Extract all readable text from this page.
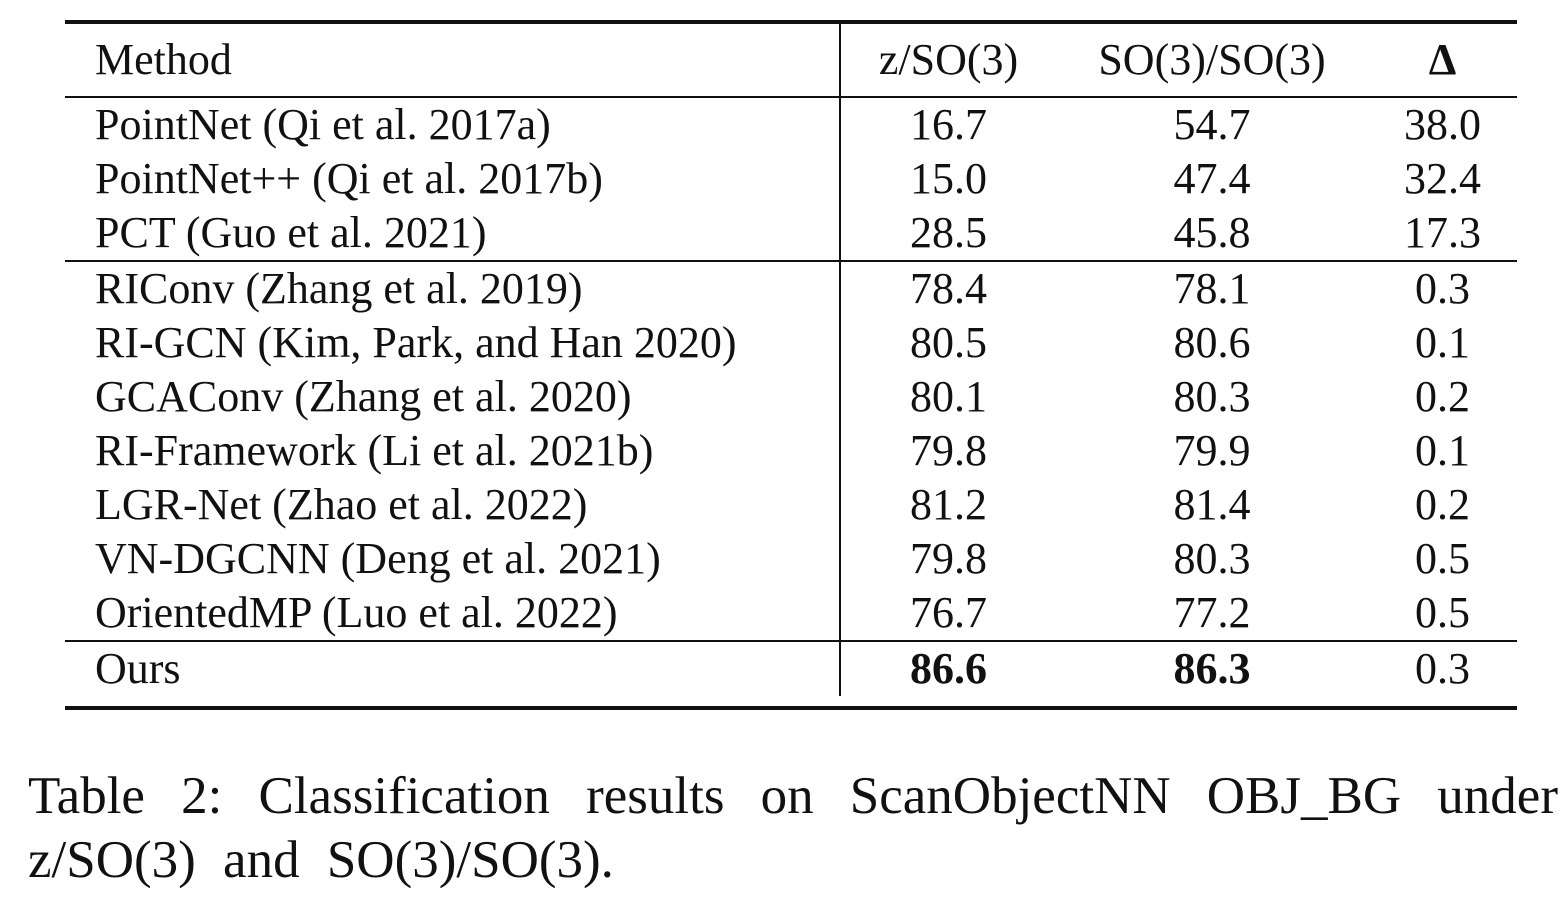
Method	z/SO(3)	SO(3)/SO(3)	Δ
PointNet (Qi et al. 2017a)	16.7	54.7	38.0
PointNet++ (Qi et al. 2017b)	15.0	47.4	32.4
PCT (Guo et al. 2021)	28.5	45.8	17.3
RIConv (Zhang et al. 2019)	78.4	78.1	0.3
RI-GCN (Kim, Park, and Han 2020)	80.5	80.6	0.1
GCAConv (Zhang et al. 2020)	80.1	80.3	0.2
RI-Framework (Li et al. 2021b)	79.8	79.9	0.1
LGR-Net (Zhao et al. 2022)	81.2	81.4	0.2
VN-DGCNN (Deng et al. 2021)	79.8	80.3	0.5
OrientedMP (Luo et al. 2022)	76.7	77.2	0.5
Ours	86.6	86.3	0.3
Table 2: Classification results on ScanObjectNN OBJ_BG under z/SO(3) and SO(3)/SO(3).
